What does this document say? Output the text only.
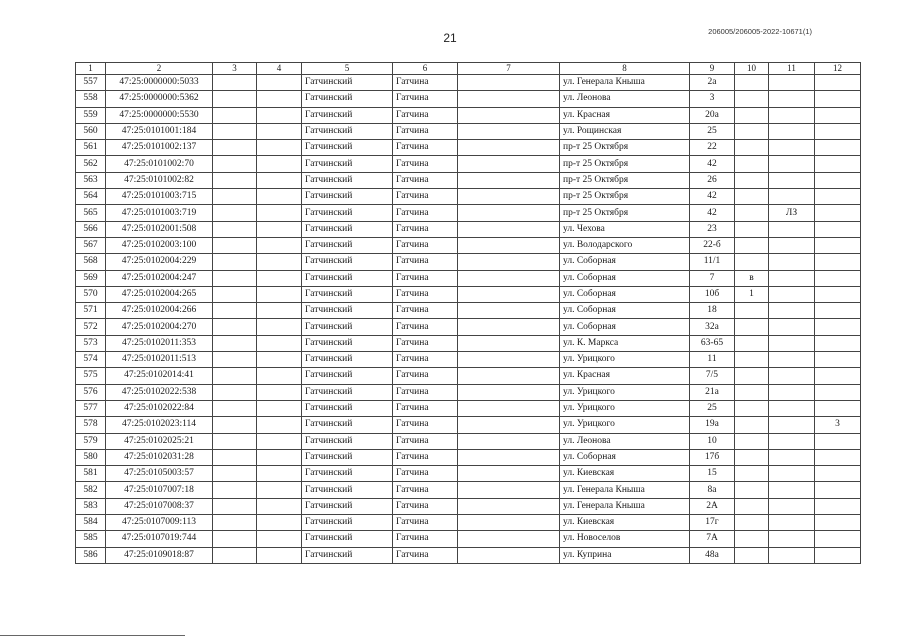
21	206005/206005-2022-10671(1)
1	2	3	4	5	6	7	8	9	10	11	12
557	47:25:0000000:5033			Гатчинский	Гатчина		ул. Генерала Кныша	2а			
558	47:25:0000000:5362			Гатчинский	Гатчина		ул. Леонова	3			
559	47:25:0000000:5530			Гатчинский	Гатчина		ул. Красная	20а			
560	47:25:0101001:184			Гатчинский	Гатчина		ул. Рощинская	25			
561	47:25:0101002:137			Гатчинский	Гатчина		пр-т 25 Октября	22			
562	47:25:0101002:70			Гатчинский	Гатчина		пр-т 25 Октября	42			
563	47:25:0101002:82			Гатчинский	Гатчина		пр-т 25 Октября	26			
564	47:25:0101003:715			Гатчинский	Гатчина		пр-т 25 Октября	42			
565	47:25:0101003:719			Гатчинский	Гатчина		пр-т 25 Октября	42		ЛЗ	
566	47:25:0102001:508			Гатчинский	Гатчина		ул. Чехова	23			
567	47:25:0102003:100			Гатчинский	Гатчина		ул. Володарского	22-б			
568	47:25:0102004:229			Гатчинский	Гатчина		ул. Соборная	11/1			
569	47:25:0102004:247			Гатчинский	Гатчина		ул. Соборная	7	в		
570	47:25:0102004:265			Гатчинский	Гатчина		ул. Соборная	10б	1		
571	47:25:0102004:266			Гатчинский	Гатчина		ул. Соборная	18			
572	47:25:0102004:270			Гатчинский	Гатчина		ул. Соборная	32а			
573	47:25:0102011:353			Гатчинский	Гатчина		ул. К. Маркса	63-65			
574	47:25:0102011:513			Гатчинский	Гатчина		ул. Урицкого	11			
575	47:25:0102014:41			Гатчинский	Гатчина		ул. Красная	7/5			
576	47:25:0102022:538			Гатчинский	Гатчина		ул. Урицкого	21а			
577	47:25:0102022:84			Гатчинский	Гатчина		ул. Урицкого	25			
578	47:25:0102023:114			Гатчинский	Гатчина		ул. Урицкого	19а			3
579	47:25:0102025:21			Гатчинский	Гатчина		ул. Леонова	10			
580	47:25:0102031:28			Гатчинский	Гатчина		ул. Соборная	17б			
581	47:25:0105003:57			Гатчинский	Гатчина		ул. Киевская	15			
582	47:25:0107007:18			Гатчинский	Гатчина		ул. Генерала Кныша	8а			
583	47:25:0107008:37			Гатчинский	Гатчина		ул. Генерала Кныша	2А			
584	47:25:0107009:113			Гатчинский	Гатчина		ул. Киевская	17г			
585	47:25:0107019:744			Гатчинский	Гатчина		ул. Новоселов	7А			
586	47:25:0109018:87			Гатчинский	Гатчина		ул. Куприна	48а			
